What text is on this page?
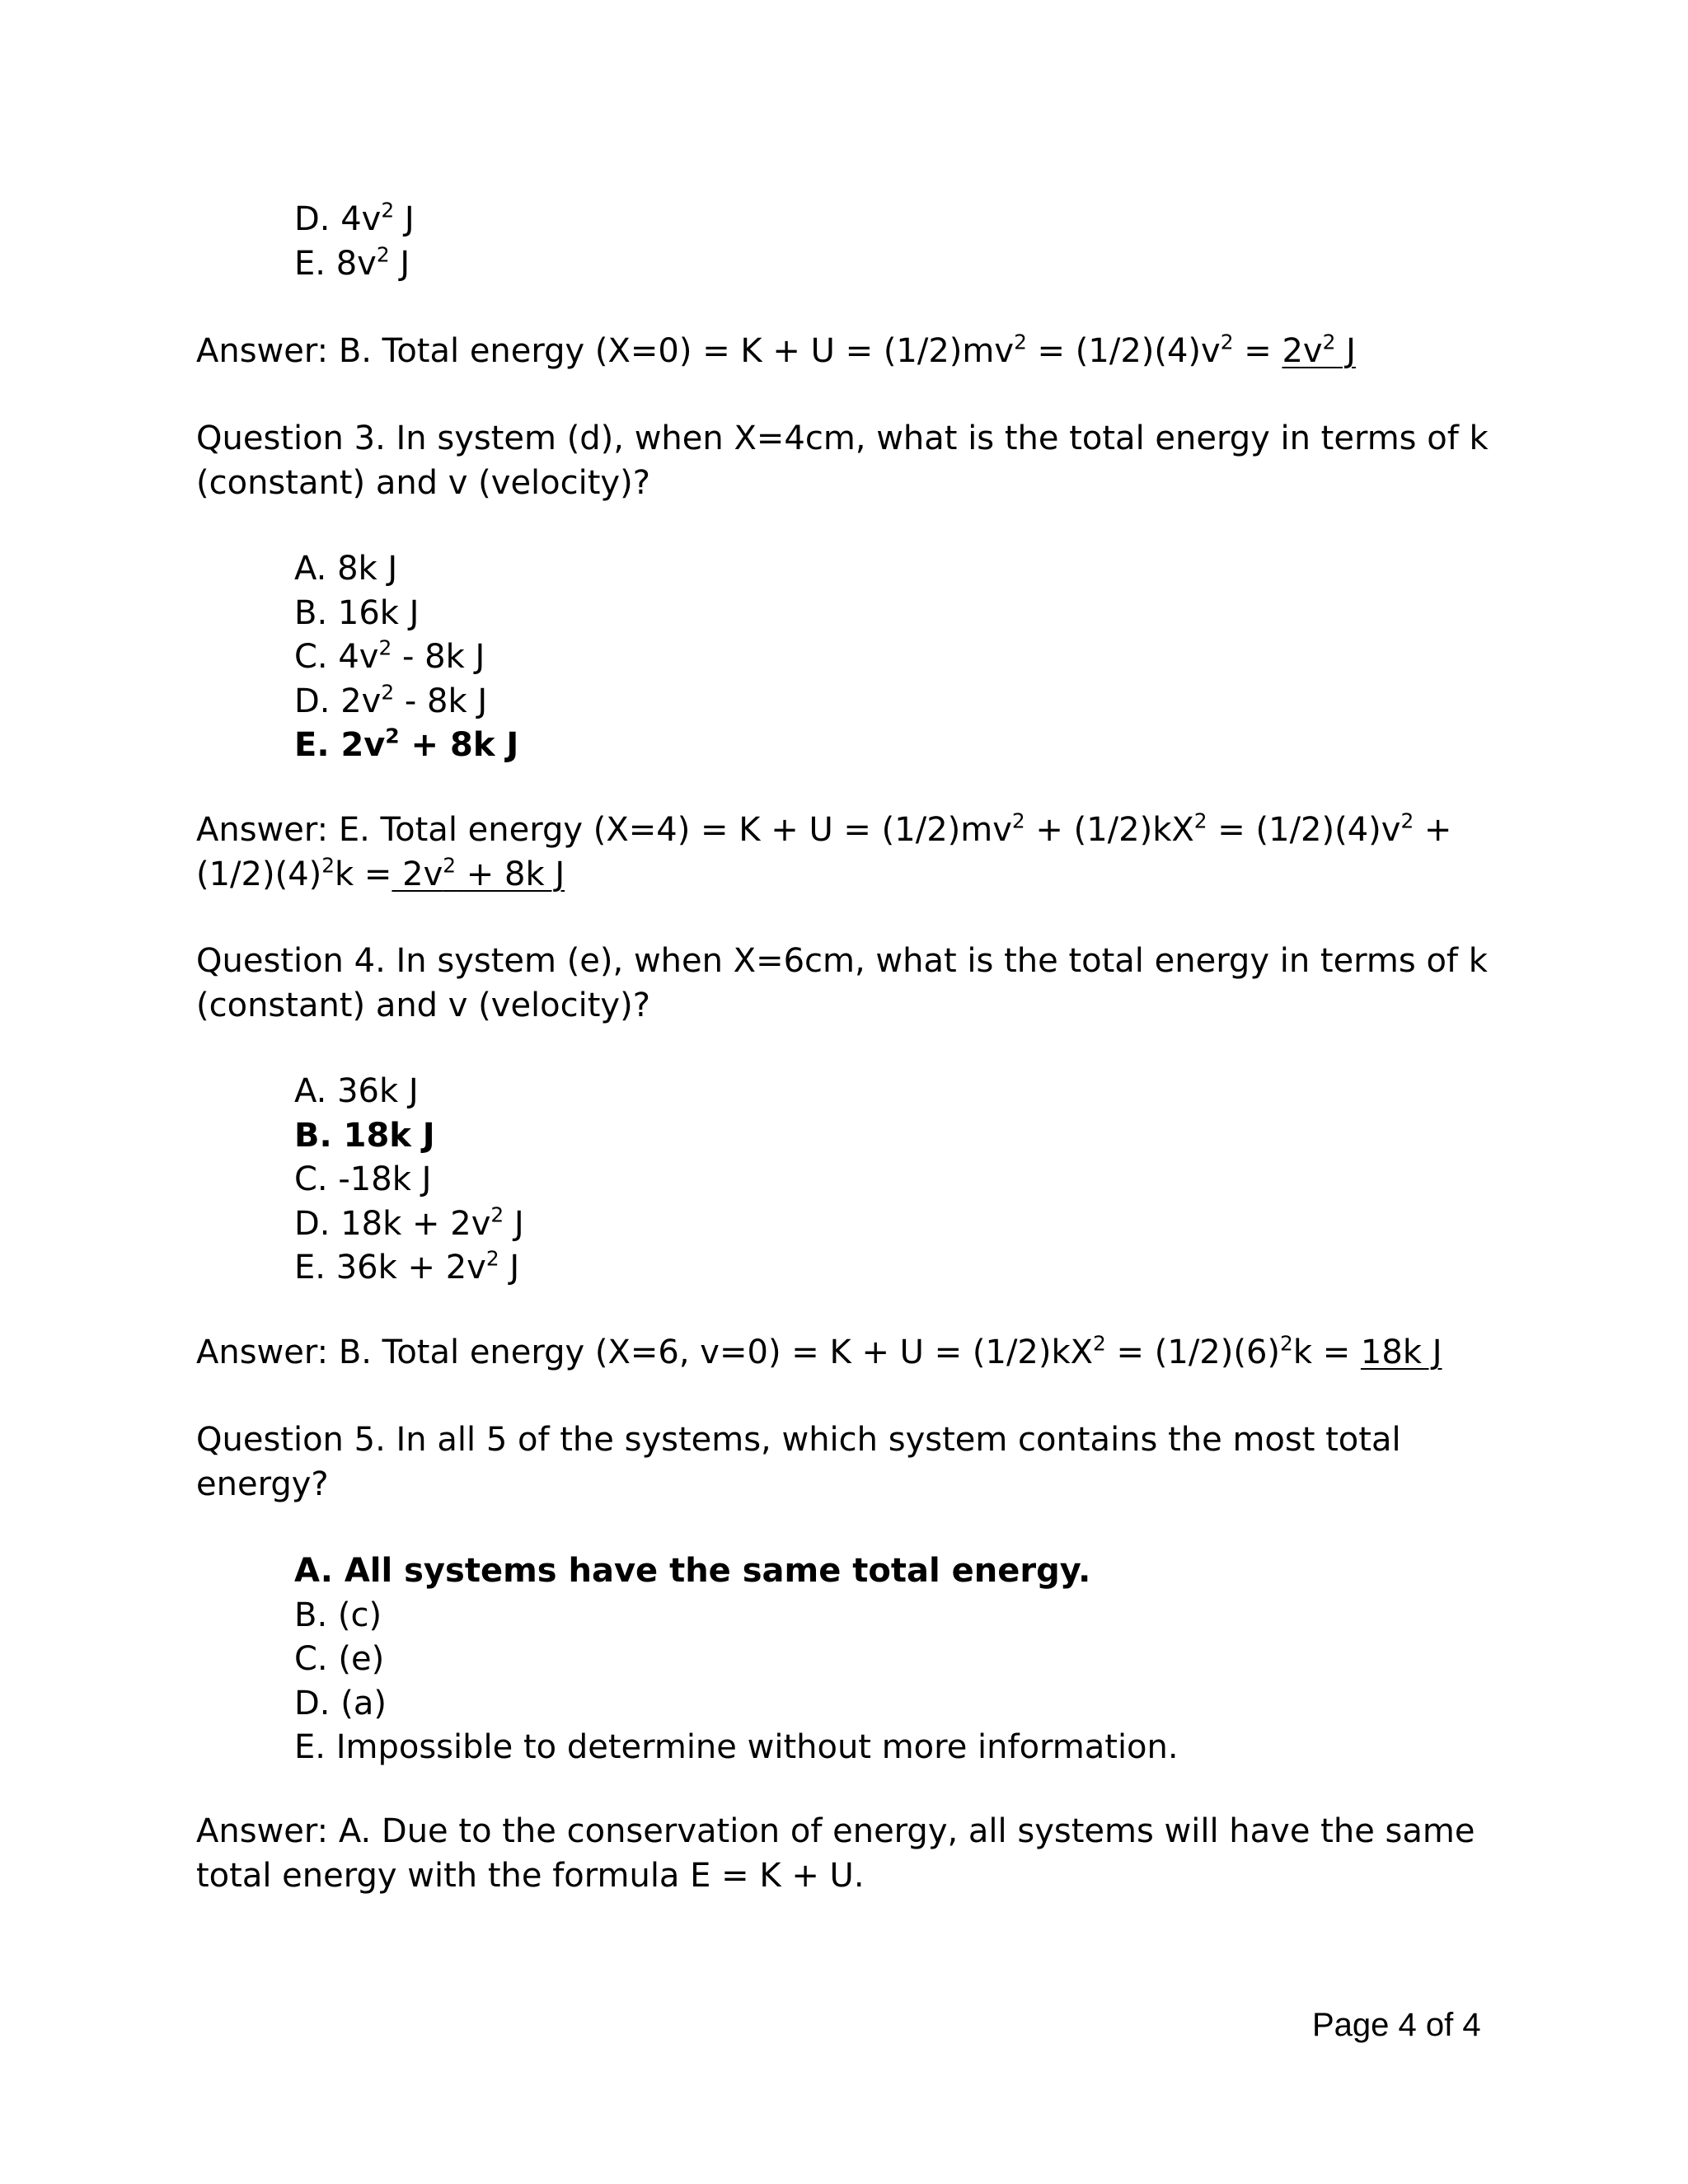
D. $4v^2$ J
E. $8v^2$ J
Answer: B. Total energy $(X=0) = K + U = (1/2)mv^2 = (1/2)(4)v^2 = 2v^2$ J
Question 3. In system (d), when X=4cm, what is the total energy in terms of k
(constant) and v (velocity)?
A. 8k J
B. 16k J
C. $4v^2 - 8k$ J
D. $2v^2 - 8k$ J
E. $2v^2 + 8k$ J
Answer: E. Total energy $(X=4) = K + U = (1/2)mv^2 + (1/2)kX^2 = (1/2)(4)v^2$ +
$(1/2)(4)^2k = 2v^2 + 8k$ J
Question 4. In system (e), when X=6cm, what is the total energy in terms of k
(constant) and v (velocity)?
A. 36k J
B. 18k J
C. -18k J
D. $18k + 2v^2$ J
E. $36k + 2v^2$ J
Answer: B. Total energy (X=6, $v=0) = K + U = (1/2)kX^2 = (1/2)(6)^2k = 18k$ J
Question 5. In all 5 of the systems, which system contains the most total
energy?
A. All systems have the same total energy.
B. (c)
C. (e)
D. (a)
E. Impossible to determine without more information.
Answer: A. Due to the conservation of energy, all systems will have the same
total energy with the formula E = K + U.
Page 4 of 4
